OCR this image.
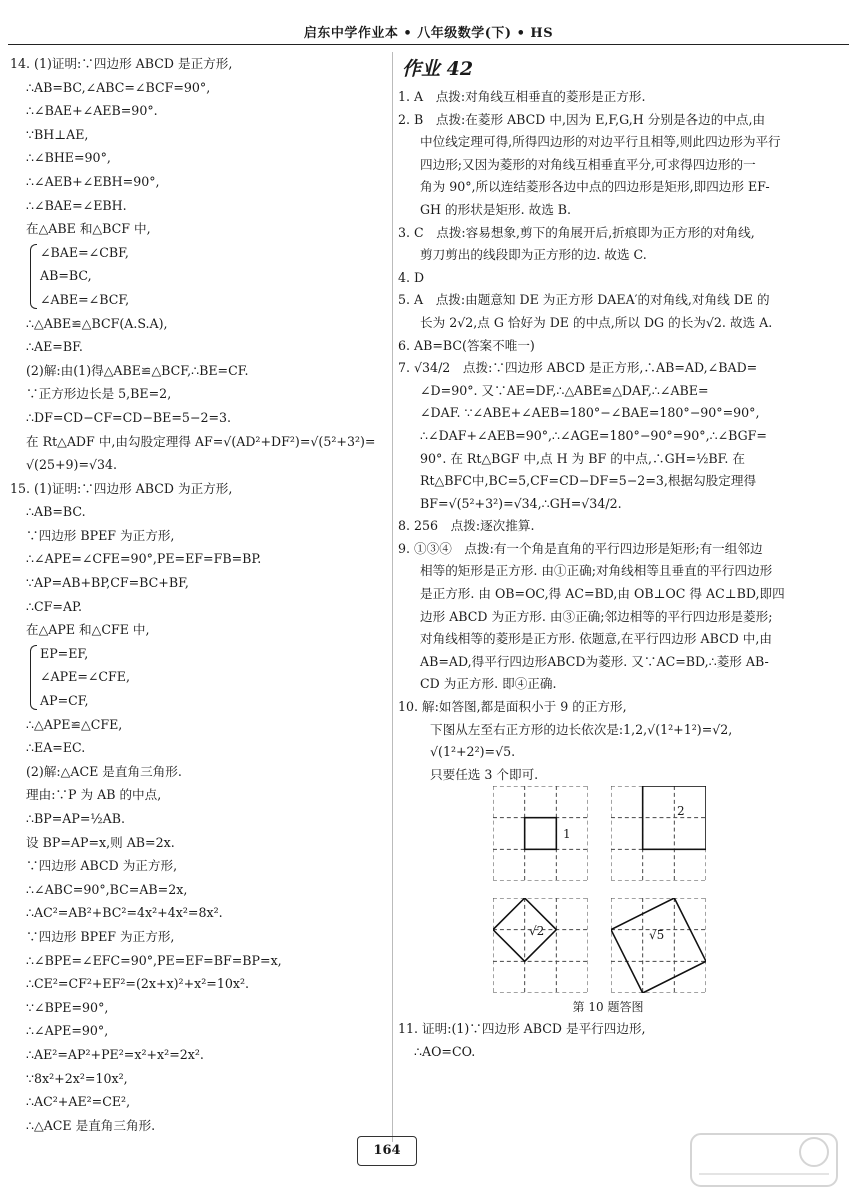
启东中学作业本 • 八年级数学(下) • HS
14. (1)证明:∵四边形 ABCD 是正方形,
∴AB=BC,∠ABC=∠BCF=90°,
∴∠BAE+∠AEB=90°.
∵BH⊥AE,
∴∠BHE=90°,
∴∠AEB+∠EBH=90°,
∴∠BAE=∠EBH.
在△ABE 和△BCF 中,
∠BAE=∠CBF,
AB=BC,
∠ABE=∠BCF,
∴△ABE≌△BCF(A.S.A),
∴AE=BF.
(2)解:由(1)得△ABE≌△BCF,∴BE=CF.
∵正方形边长是 5,BE=2,
∴DF=CD−CF=CD−BE=5−2=3.
在 Rt△ADF 中,由勾股定理得 AF=√(AD²+DF²)=√(5²+3²)=
√(25+9)=√34.
15. (1)证明:∵四边形 ABCD 为正方形,
∴AB=BC.
∵四边形 BPEF 为正方形,
∴∠APE=∠CFE=90°,PE=EF=FB=BP.
∵AP=AB+BP,CF=BC+BF,
∴CF=AP.
在△APE 和△CFE 中,
EP=EF,
∠APE=∠CFE,
AP=CF,
∴△APE≌△CFE,
∴EA=EC.
(2)解:△ACE 是直角三角形.
理由:∵P 为 AB 的中点,
∴BP=AP=½AB.
设 BP=AP=x,则 AB=2x.
∵四边形 ABCD 为正方形,
∴∠ABC=90°,BC=AB=2x,
∴AC²=AB²+BC²=4x²+4x²=8x².
∵四边形 BPEF 为正方形,
∴∠BPE=∠EFC=90°,PE=EF=BF=BP=x,
∴CE²=CF²+EF²=(2x+x)²+x²=10x².
∵∠BPE=90°,
∴∠APE=90°,
∴AE²=AP²+PE²=x²+x²=2x².
∵8x²+2x²=10x²,
∴AC²+AE²=CE²,
∴△ACE 是直角三角形.
作业 42
1. A　点拨:对角线互相垂直的菱形是正方形.
2. B　点拨:在菱形 ABCD 中,因为 E,F,G,H 分别是各边的中点,由
中位线定理可得,所得四边形的对边平行且相等,则此四边形为平行
四边形;又因为菱形的对角线互相垂直平分,可求得四边形的一
角为 90°,所以连结菱形各边中点的四边形是矩形,即四边形 EF-
GH 的形状是矩形. 故选 B.
3. C　点拨:容易想象,剪下的角展开后,折痕即为正方形的对角线,
剪刀剪出的线段即为正方形的边. 故选 C.
4. D
5. A　点拨:由题意知 DE 为正方形 DAEA′的对角线,对角线 DE 的
长为 2√2,点 G 恰好为 DE 的中点,所以 DG 的长为√2. 故选 A.
6. AB=BC(答案不唯一)
7. √34/2　点拨:∵四边形 ABCD 是正方形,∴AB=AD,∠BAD=
∠D=90°. 又∵AE=DF,∴△ABE≌△DAF,∴∠ABE=
∠DAF. ∵∠ABE+∠AEB=180°−∠BAE=180°−90°=90°,
∴∠DAF+∠AEB=90°,∴∠AGE=180°−90°=90°,∴∠BGF=
90°. 在 Rt△BGF 中,点 H 为 BF 的中点,∴GH=½BF. 在
Rt△BFC中,BC=5,CF=CD−DF=5−2=3,根据勾股定理得
BF=√(5²+3²)=√34,∴GH=√34/2.
8. 256　点拨:逐次推算.
9. ①③④　点拨:有一个角是直角的平行四边形是矩形;有一组邻边
相等的矩形是正方形. 由①正确;对角线相等且垂直的平行四边形
是正方形. 由 OB=OC,得 AC=BD,由 OB⊥OC 得 AC⊥BD,即四
边形 ABCD 为正方形. 由③正确;邻边相等的平行四边形是菱形;
对角线相等的菱形是正方形. 依题意,在平行四边形 ABCD 中,由
AB=AD,得平行四边形ABCD为菱形. 又∵AC=BD,∴菱形 AB-
CD 为正方形. 即④正确.
10. 解:如答图,都是面积小于 9 的正方形,
下图从左至右正方形的边长依次是:1,2,√(1²+1²)=√2,
√(1²+2²)=√5.
只要任选 3 个即可.
1
2
√2	√5
第 10 题答图
11. 证明:(1)∵四边形 ABCD 是平行四边形,
∴AO=CO.
164
